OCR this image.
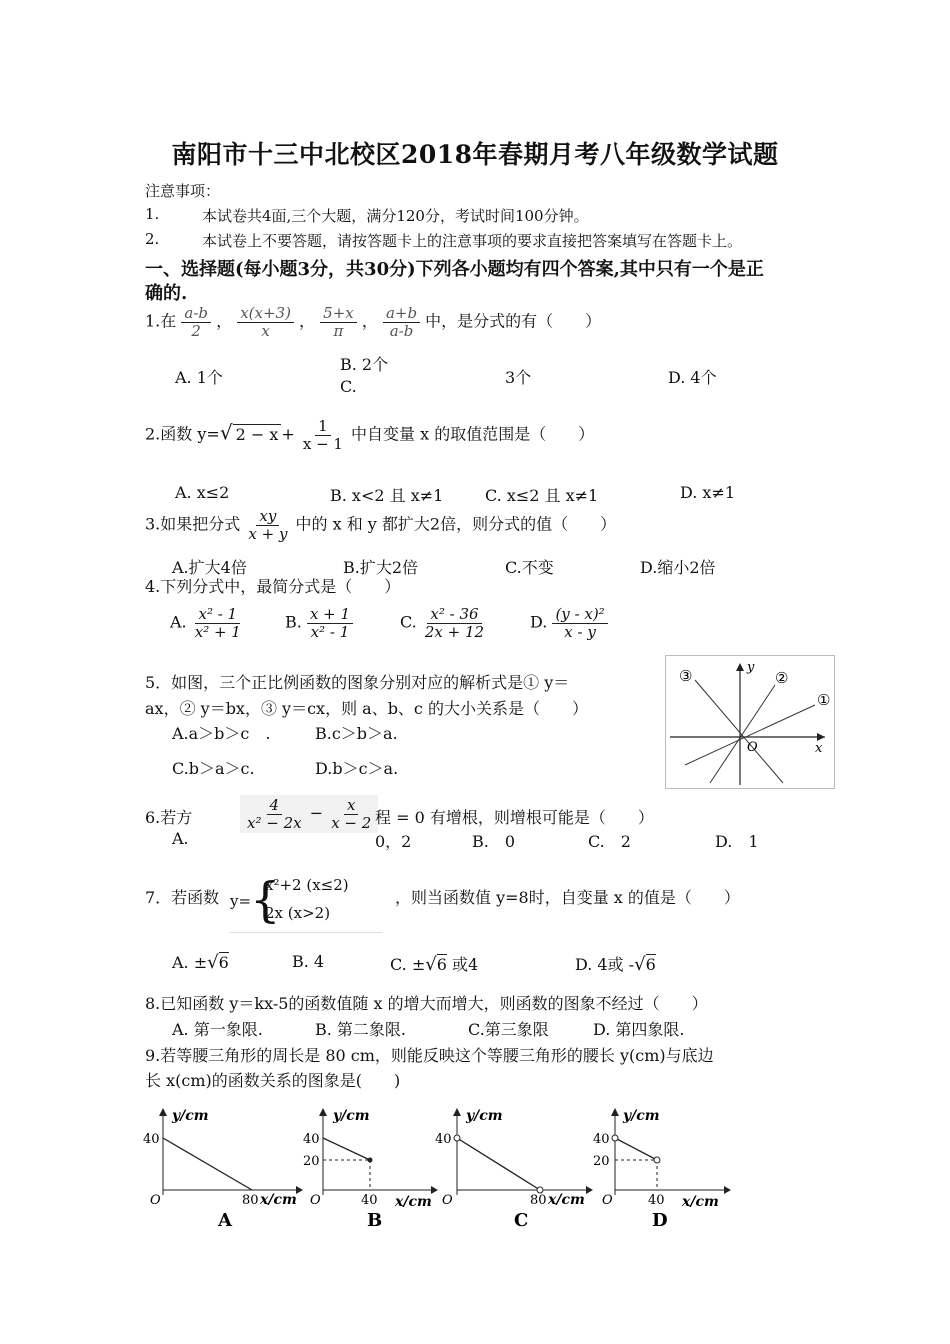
南阳市十三中北校区2018年春期月考八年级数学试题
注意事项：
1.	本试卷共4面,三个大题，满分120分，考试时间100分钟。
2.	本试卷上不要答题，请按答题卡上的注意事项的要求直接把答案填写在答题卡上。
一、选择题(每小题3分，共30分)下列各小题均有四个答案,其中只有一个是正
确的.
1.在 $\frac{a-b}{2}$ ， $\frac{x(x+3)}{x}$ ， $\frac{5+x}{\pi}$ ， $\frac{a+b}{a-b}$ 中，是分式的有（　　）
A. 1个
B. 2个
C.	3个	D. 4个
2.函数 y=√ $2 - x + \frac{1}{x - 1}$ 中自变量 x 的取值范围是（　　）
A. x≤2	B. x<2 且 x≠1	C. x≤2 且 x≠1	D. x≠1
3.如果把分式 $\frac{xy}{x + y}$ 中的 x 和 y 都扩大2倍，则分式的值（　　）
A.扩大4倍	B.扩大2倍	C.不变	D.缩小2倍
4.下列分式中，最简分式是（　　）
A. $\frac{\text{x² - 1}}{\text{x² + 1}}$	B. $\frac{x + 1}{\text{x² - 1}}$	C. $\frac{\text{x² - 36}}{2x + 12}$	D. $\frac{\text{(y - x)²}}{x - y}$
5．如图，三个正比例函数的图象分别对应的解析式是① y＝
ax，② y＝bx，③ y＝cx，则 a、b、c 的大小关系是（　　）
A.a＞b＞c　.	B.c＞b＞a.
C.b＞a＞c.	D.b＞c＞a.
①
②
③
x
y
O
6.若方	$\frac{4}{\text{x² − 2x}} - \frac{x}{x - 2}$ 程 = 0 有增根，则增根可能是（　　）
A.	0，2	B.　0	C.　2	D.　1
7．若函数 y=
{
x²+2 (x≤2)
2x (x>2)
，则当函数值 y=8时，自变量 x 的值是（　　）
A. ±√6	B. 4	C. ±√6 或4	D. 4或 -√6
8.已知函数 y＝kx-5的函数值随 x 的增大而增大，则函数的图象不经过（　　）
A. 第一象限.	B. 第二象限.	C.第三象限	D. 第四象限.
9.若等腰三角形的周长是 80 cm，则能反映这个等腰三角形的腰长 y(cm)与底边
长 x(cm)的函数关系的图象是(　　)
y/cm
40
O	80 x/cm
A
y/cm
40
20
O	40 x/cm
B
y/cm
40
O	80 x/cm
C
y/cm
40
20
O	40 x/cm
D
